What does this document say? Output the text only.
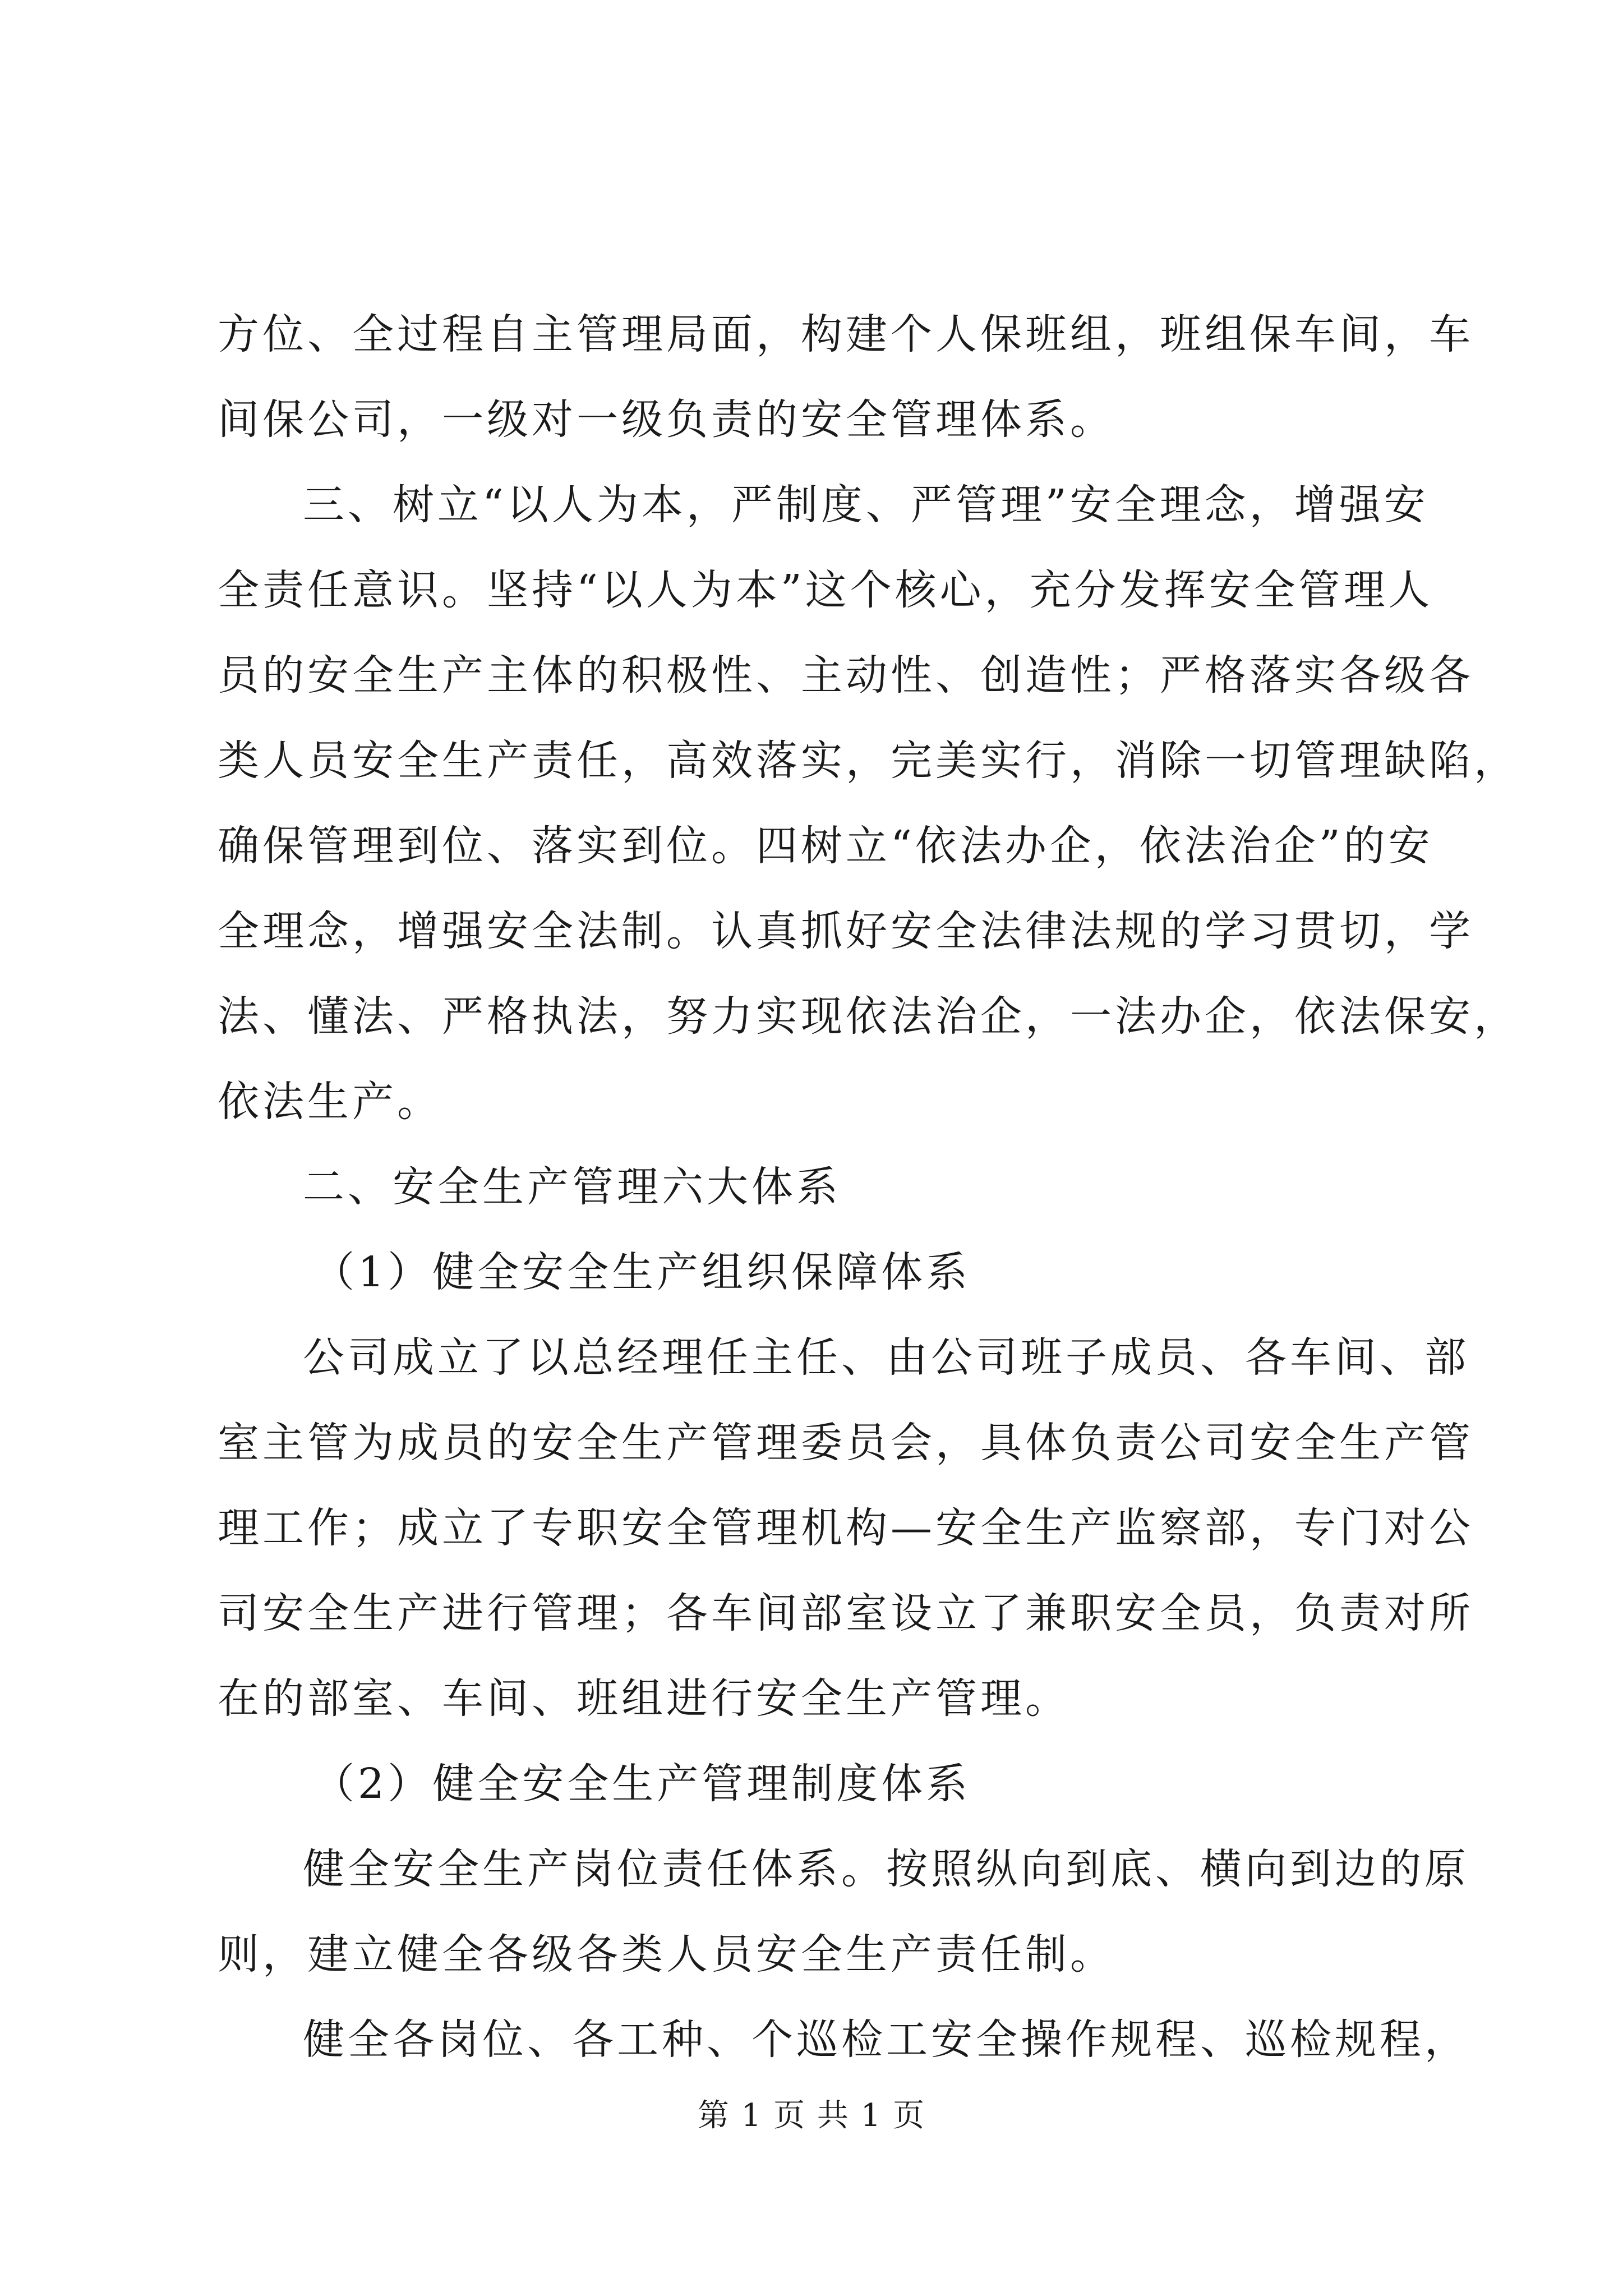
方位、全过程自主管理局面，构建个人保班组，班组保车间，车
间保公司，一级对一级负责的安全管理体系。
三、树立“以人为本，严制度、严管理”安全理念，增强安
全责任意识。坚持“以人为本”这个核心，充分发挥安全管理人
员的安全生产主体的积极性、主动性、创造性；严格落实各级各
类人员安全生产责任，高效落实，完美实行，消除一切管理缺陷，
确保管理到位、落实到位。四树立“依法办企，依法治企”的安
全理念，增强安全法制。认真抓好安全法律法规的学习贯切，学
法、懂法、严格执法，努力实现依法治企，一法办企，依法保安，
依法生产。
二、安全生产管理六大体系
（1）健全安全生产组织保障体系
公司成立了以总经理任主任、由公司班子成员、各车间、部
室主管为成员的安全生产管理委员会，具体负责公司安全生产管
理工作；成立了专职安全管理机构—安全生产监察部，专门对公
司安全生产进行管理；各车间部室设立了兼职安全员，负责对所
在的部室、车间、班组进行安全生产管理。
（2）健全安全生产管理制度体系
健全安全生产岗位责任体系。按照纵向到底、横向到边的原
则，建立健全各级各类人员安全生产责任制。
健全各岗位、各工种、个巡检工安全操作规程、巡检规程，
第 1 页 共 1 页
